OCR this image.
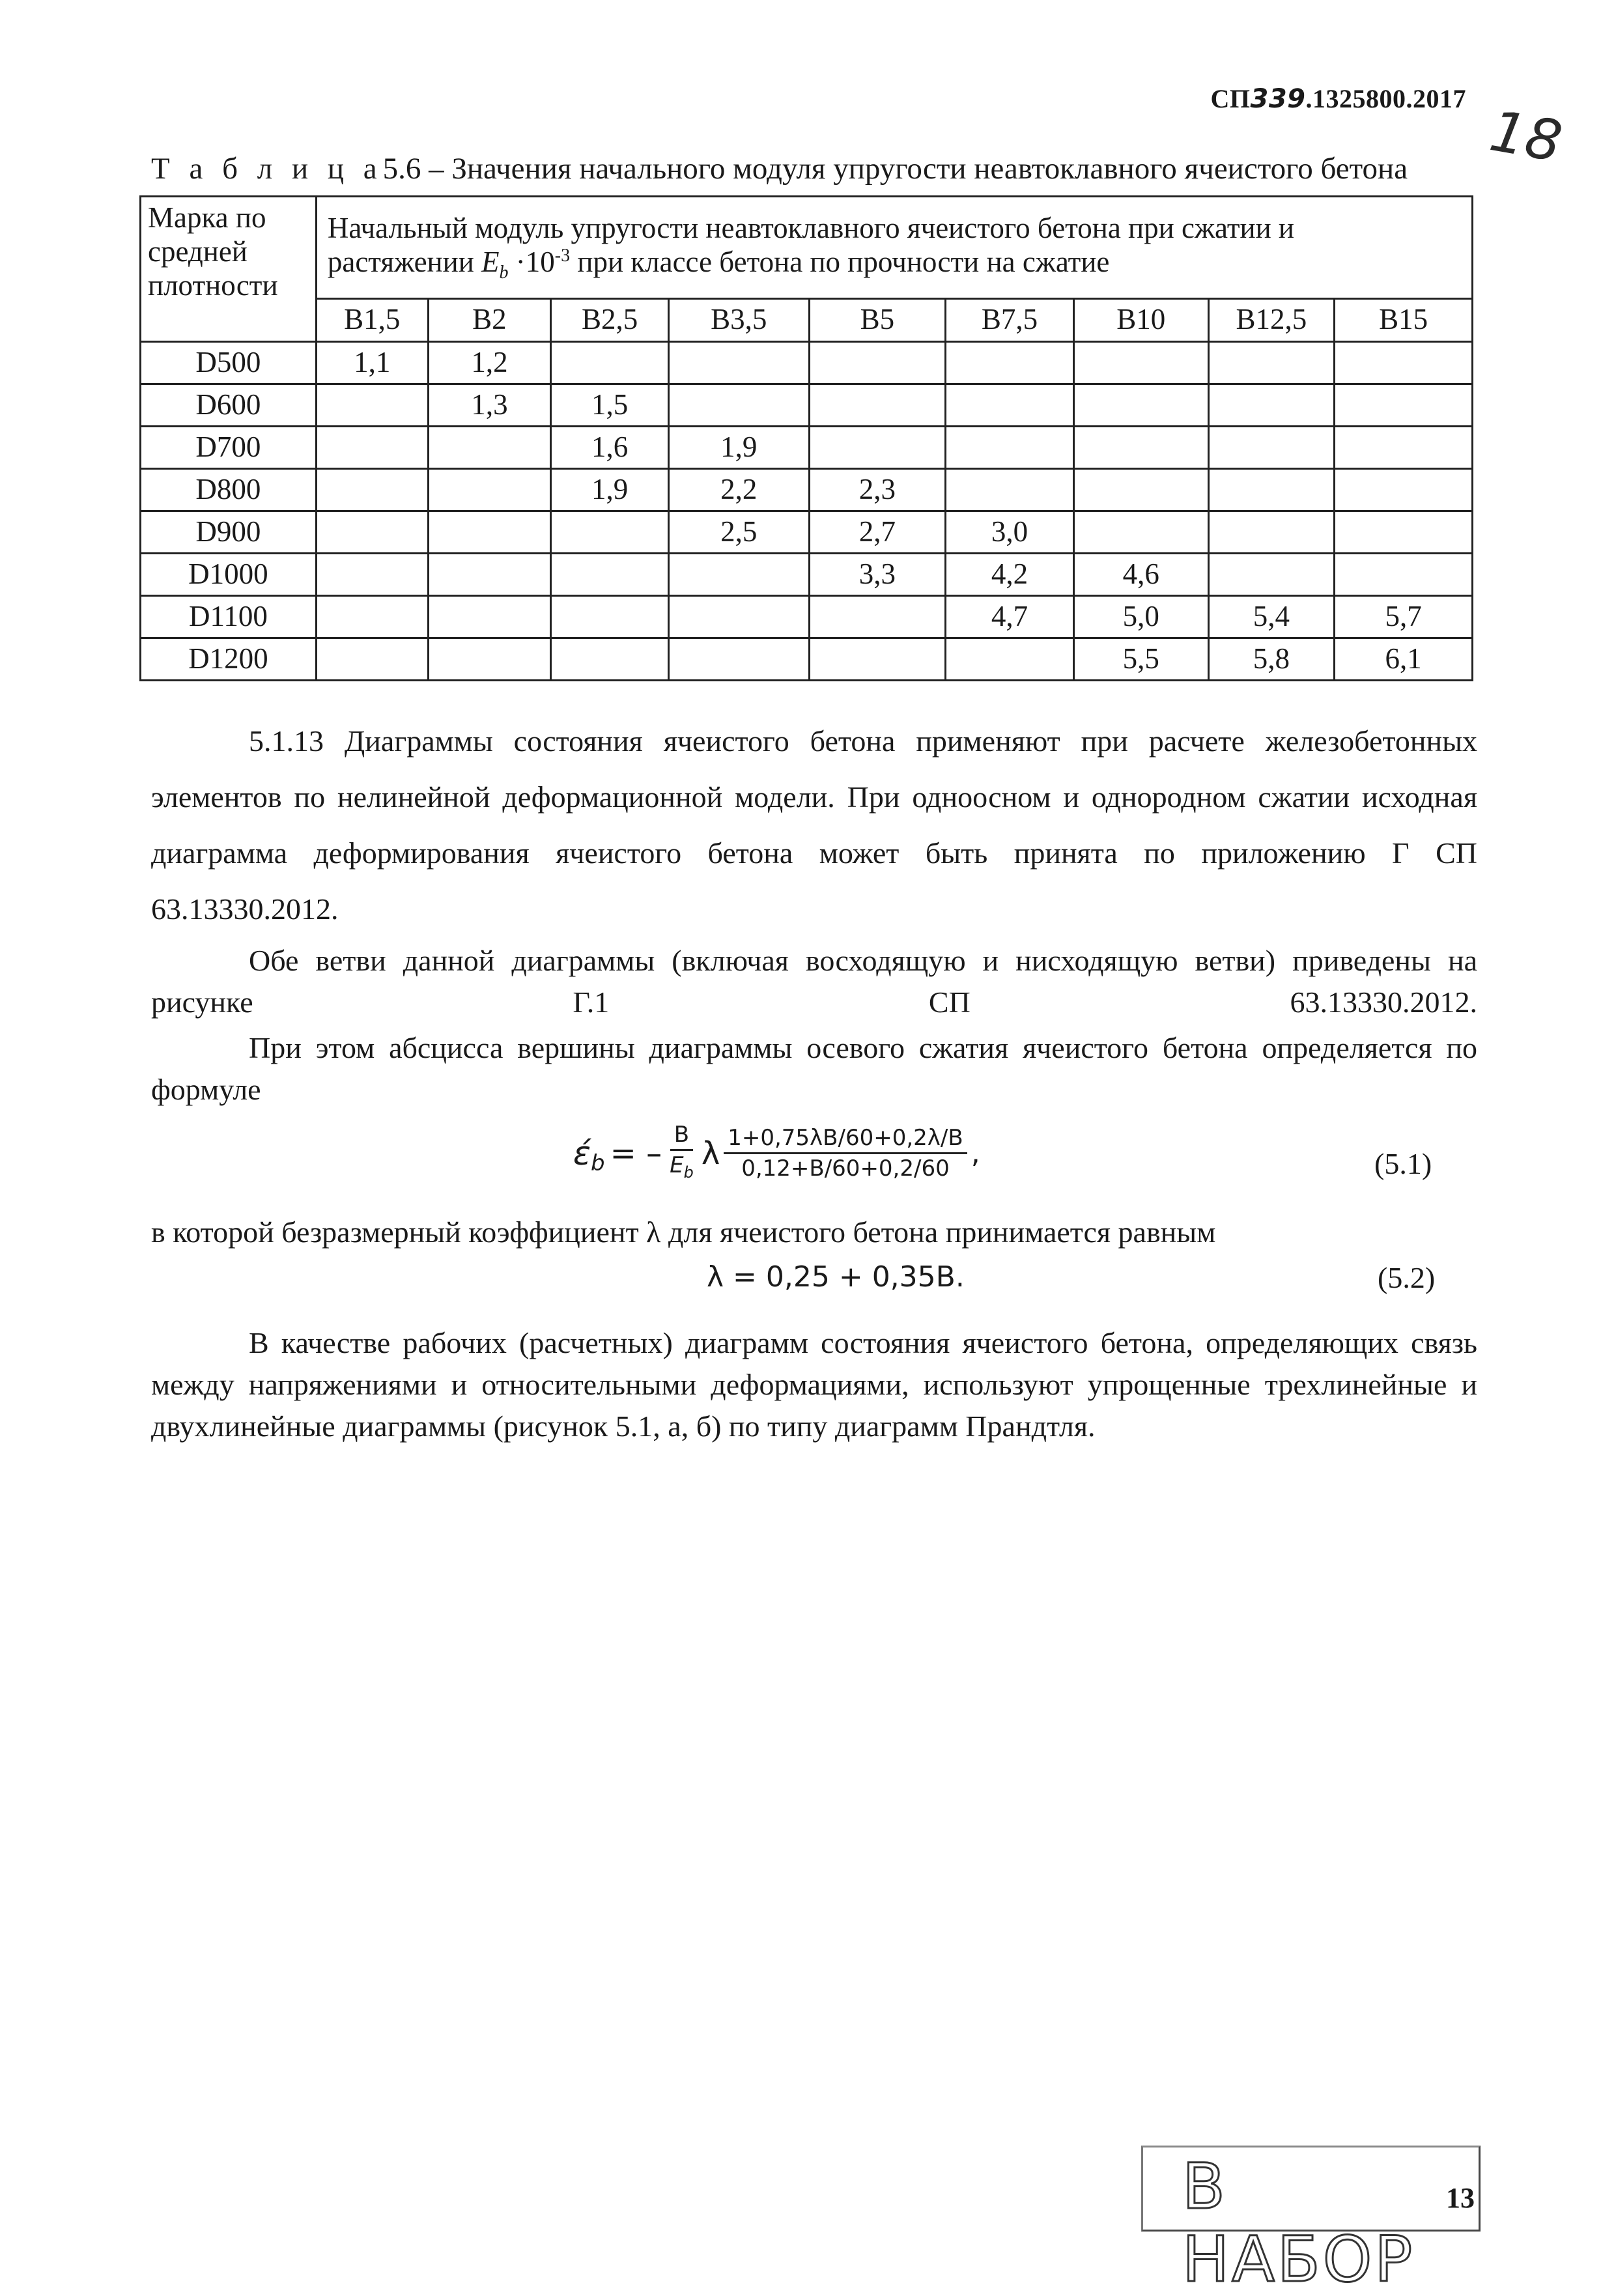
СП339.1325800.2017 18
Т а б л и ц а5.6 – Значения начального модуля упругости неавтоклавного ячеистого бетона
Марка по средней плотности	Начальный модуль упругости неавтоклавного ячеистого бетона при сжатии и
растяжении $E_b \cdot 10^{-3}$ при классе бетона по прочности на сжатие								

	B1,5	B2	B2,5	B3,5	B5	B7,5	B10	B12,5	B15
D500	1,1	1,2							
D600		1,3	1,5						
D700			1,6	1,9					
D800			1,9	2,2	2,3				
D900				2,5	2,7	3,0			
D1000					3,3	4,2	4,6		
D1100						4,7	5,0	5,4	5,7
D1200							5,5	5,8	6,1
5.1.13 Диаграммы состояния ячеистого бетона применяют при расчете железобетонных элементов по нелинейной деформационной модели. При одноосном и однородном сжатии исходная диаграмма деформирования ячеистого бетона может быть принята по приложению Г СП 63.13330.2012.
Обе ветви данной диаграммы (включая восходящую и нисходящую ветви) приведены на рисунке Г.1 СП 63.13330.2012.
При этом абсцисса вершины диаграммы осевого сжатия ячеистого бетона определяется по формуле
$έ_b$ = – $\frac{B}{E_b}$ λ $\frac{1+0,75\lambda B/60+0,2\lambda/B}{0,12+B/60+0,2/60}$ ,	(5.1)
в которой безразмерный коэффициент λ для ячеистого бетона принимается равным
λ = 0,25 + 0,35B.	(5.2)
В качестве рабочих (расчетных) диаграмм состояния ячеистого бетона, определяющих связь между напряжениями и относительными деформациями, используют упрощенные трехлинейные и двухлинейные диаграммы (рисунок 5.1, а, б) по типу диаграмм Прандтля.
В НАБОР
13
